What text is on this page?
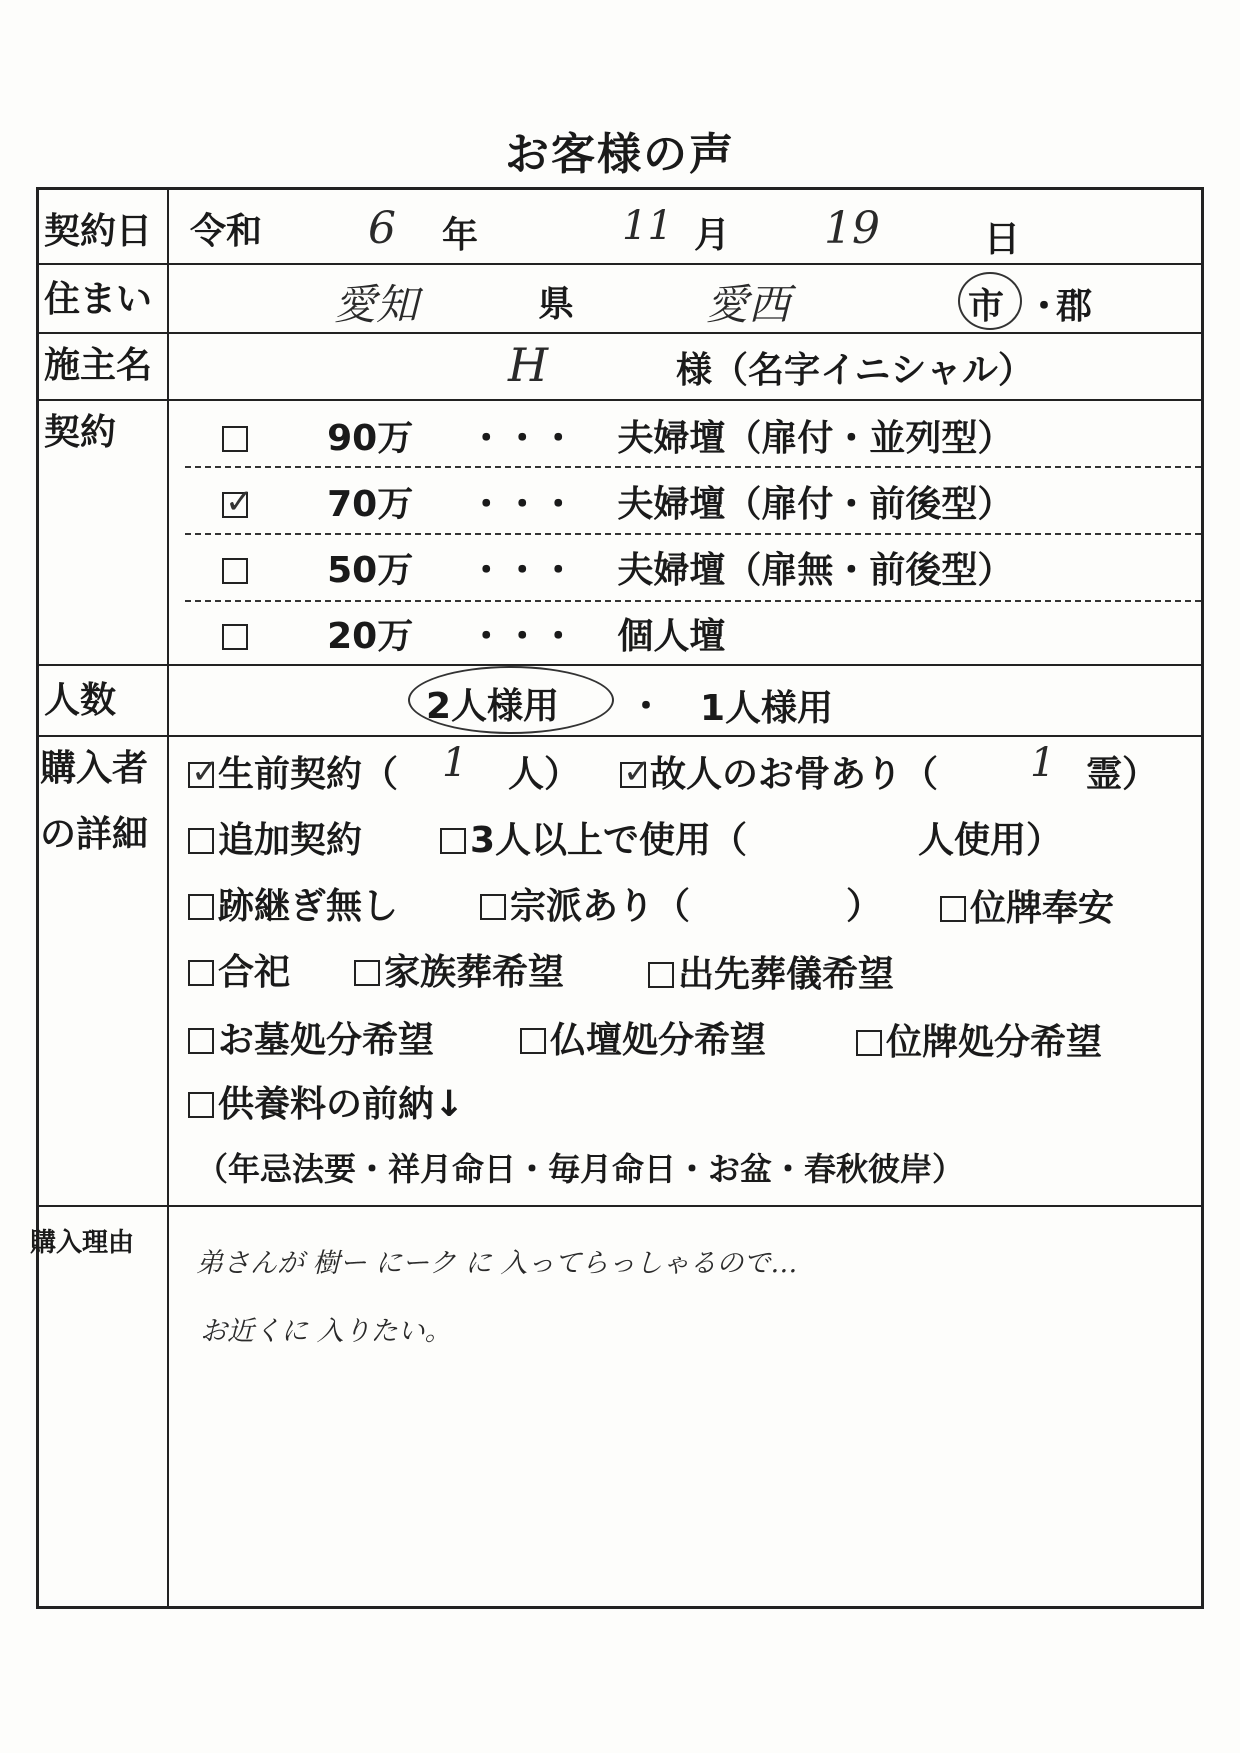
お客様の声
契約日
住まい
施主名
契約
人数
購入者
の詳細
購入理由
令和 6 年	11 月 19	日
愛知	県	愛西	市 ・
郡
H	様（名字イニシャル）
90万 ・・・ 夫婦壇（扉付・並列型）
✓  70万 ・・・ 夫婦壇（扉付・前後型）
50万 ・・・ 夫婦壇（扉無・前後型）
20万 ・・・ 個人壇
2人様用 ・ 1人様用
✓生前契約（ 1 人）
✓	故人のお骨あり（ 1 霊）
追加契約	3人以上で使用（	人使用）
跡継ぎ無し	宗派あり（	）	位牌奉安
合祀	家族葬希望	出先葬儀希望
お墓処分希望	仏壇処分希望	位牌処分希望
供養料の前納↓
（年忌法要・祥月命日・毎月命日・お盆・春秋彼岸）
弟さんが 樹ー にーク に 入ってらっしゃるので…
お近くに 入りたい。
